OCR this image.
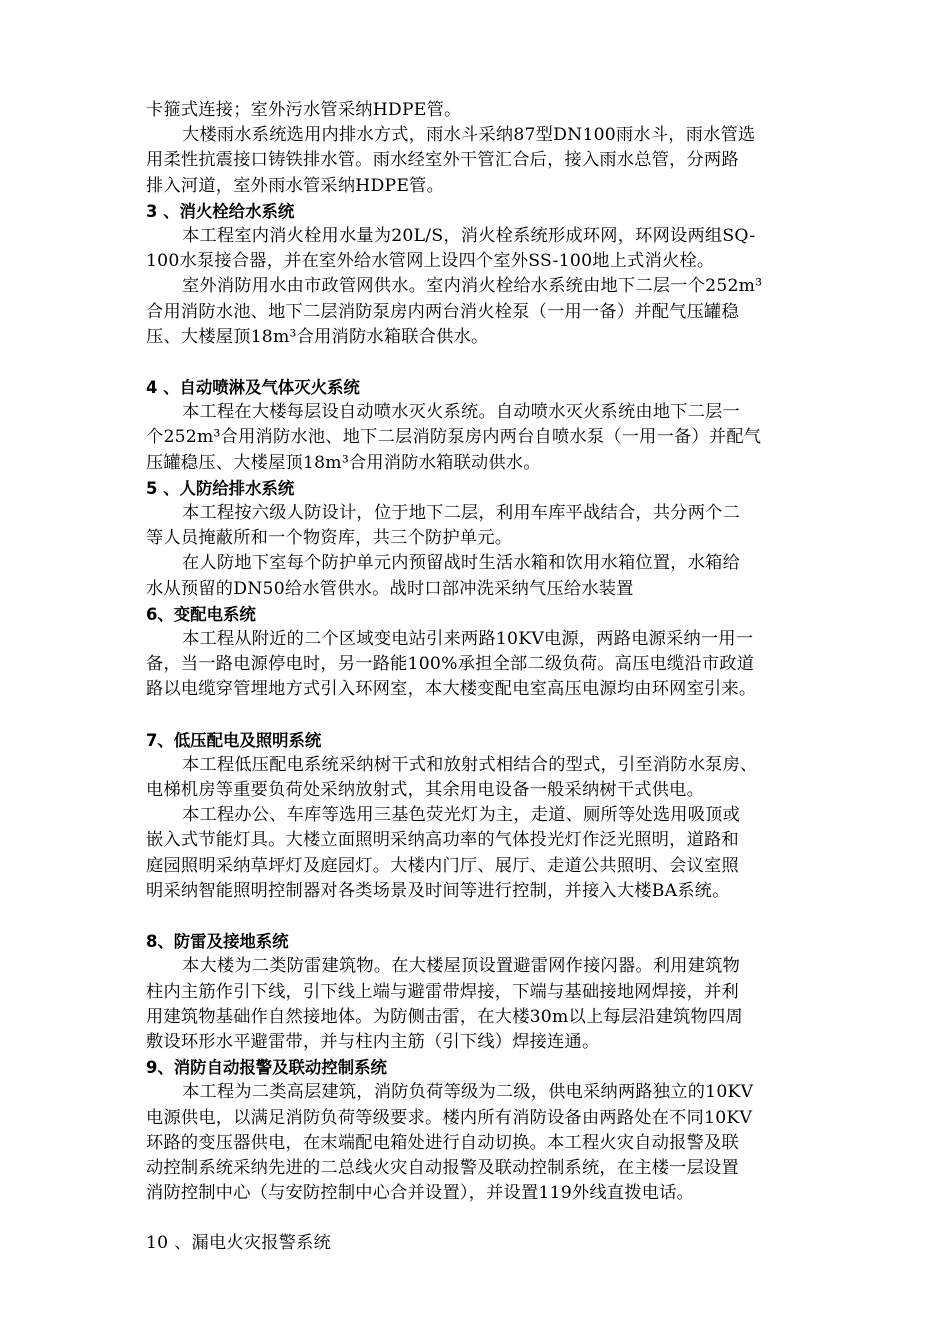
卡箍式连接；室外污水管采纳HDPE管。
大楼雨水系统选用内排水方式，雨水斗采纳87型DN100雨水斗，雨水管选
用柔性抗震接口铸铁排水管。雨水经室外干管汇合后，接入雨水总管，分两路
排入河道，室外雨水管采纳HDPE管。
3 、消火栓给水系统
本工程室内消火栓用水量为20L/S，消火栓系统形成环网，环网设两组SQ-
100水泵接合器，并在室外给水管网上设四个室外SS-100地上式消火栓。
室外消防用水由市政管网供水。室内消火栓给水系统由地下二层一个252m³
合用消防水池、地下二层消防泵房内两台消火栓泵（一用一备）并配气压罐稳
压、大楼屋顶18m³合用消防水箱联合供水。
4 、自动喷淋及气体灭火系统
本工程在大楼每层设自动喷水灭火系统。自动喷水灭火系统由地下二层一
个252m³合用消防水池、地下二层消防泵房内两台自喷水泵（一用一备）并配气
压罐稳压、大楼屋顶18m³合用消防水箱联动供水。
5 、人防给排水系统
本工程按六级人防设计，位于地下二层，利用车库平战结合，共分两个二
等人员掩蔽所和一个物资库，共三个防护单元。
在人防地下室每个防护单元内预留战时生活水箱和饮用水箱位置，水箱给
水从预留的DN50给水管供水。战时口部冲洗采纳气压给水装置
6、变配电系统
本工程从附近的二个区域变电站引来两路10KV电源，两路电源采纳一用一
备，当一路电源停电时，另一路能100%承担全部二级负荷。高压电缆沿市政道
路以电缆穿管埋地方式引入环网室，本大楼变配电室高压电源均由环网室引来。
7、低压配电及照明系统
本工程低压配电系统采纳树干式和放射式相结合的型式，引至消防水泵房、
电梯机房等重要负荷处采纳放射式，其余用电设备一般采纳树干式供电。
本工程办公、车库等选用三基色荧光灯为主，走道、厕所等处选用吸顶或
嵌入式节能灯具。大楼立面照明采纳高功率的气体投光灯作泛光照明，道路和
庭园照明采纳草坪灯及庭园灯。大楼内门厅、展厅、走道公共照明、会议室照
明采纳智能照明控制器对各类场景及时间等进行控制，并接入大楼BA系统。
8、防雷及接地系统
本大楼为二类防雷建筑物。在大楼屋顶设置避雷网作接闪器。利用建筑物
柱内主筋作引下线，引下线上端与避雷带焊接，下端与基础接地网焊接，并利
用建筑物基础作自然接地体。为防侧击雷，在大楼30m以上每层沿建筑物四周
敷设环形水平避雷带，并与柱内主筋（引下线）焊接连通。
9、消防自动报警及联动控制系统
本工程为二类高层建筑，消防负荷等级为二级，供电采纳两路独立的10KV
电源供电，以满足消防负荷等级要求。楼内所有消防设备由两路处在不同10KV
环路的变压器供电，在末端配电箱处进行自动切换。本工程火灾自动报警及联
动控制系统采纳先进的二总线火灾自动报警及联动控制系统，在主楼一层设置
消防控制中心（与安防控制中心合并设置），并设置119外线直拨电话。
10 、漏电火灾报警系统
